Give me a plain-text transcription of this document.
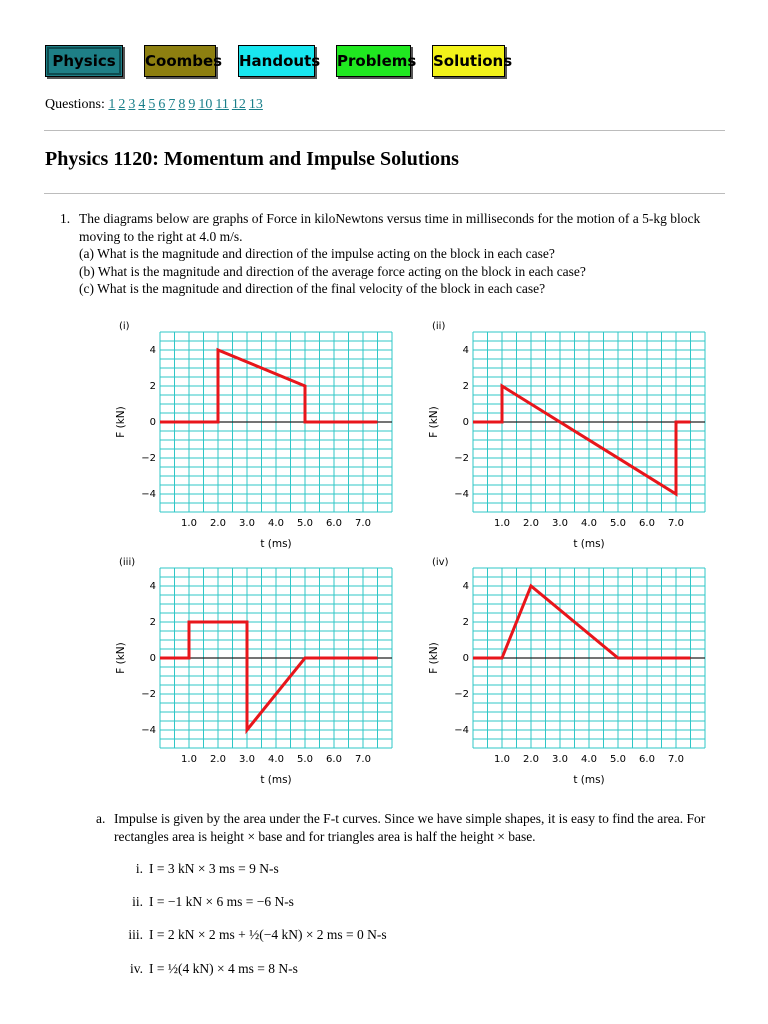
Physics	Coombes Handouts Problems Solutions
Questions: 1 2 3 4 5 6 7 8 9 10 11 12 13
Physics 1120: Momentum and Impulse Solutions
1. The diagrams below are graphs of Force in kiloNewtons versus time in milliseconds for the motion of a 5-kg block moving to the right at 4.0 m/s.
(a) What is the magnitude and direction of the impulse acting on the block in each case?
(b) What is the magnitude and direction of the average force acting on the block in each case?
(c) What is the magnitude and direction of the final velocity of the block in each case?
(i)
4
2
0
−2
−4
1.0 2.0 3.0 4.0 5.0 6.0 7.0
t (ms)
F (kN)
(ii)
4
2
0
−2
−4
1.0 2.0 3.0 4.0 5.0 6.0 7.0
t (ms)
F (kN)
(iii)
4
2
0
−2
−4
1.0 2.0 3.0 4.0 5.0 6.0 7.0
t (ms)
F (kN)
(iv)
4
2
0
−2
−4
1.0 2.0 3.0 4.0 5.0 6.0 7.0
t (ms)
F (kN)
a. Impulse is given by the area under the F-t curves. Since we have simple shapes, it is easy to find the area. For rectangles area is height × base and for triangles area is half the height × base.
i. I = 3 kN × 3 ms = 9 N-s
ii. I = −1 kN × 6 ms = −6 N-s
iii. I = 2 kN × 2 ms + ½(−4 kN) × 2 ms = 0 N-s
iv. I = ½(4 kN) × 4 ms = 8 N-s
